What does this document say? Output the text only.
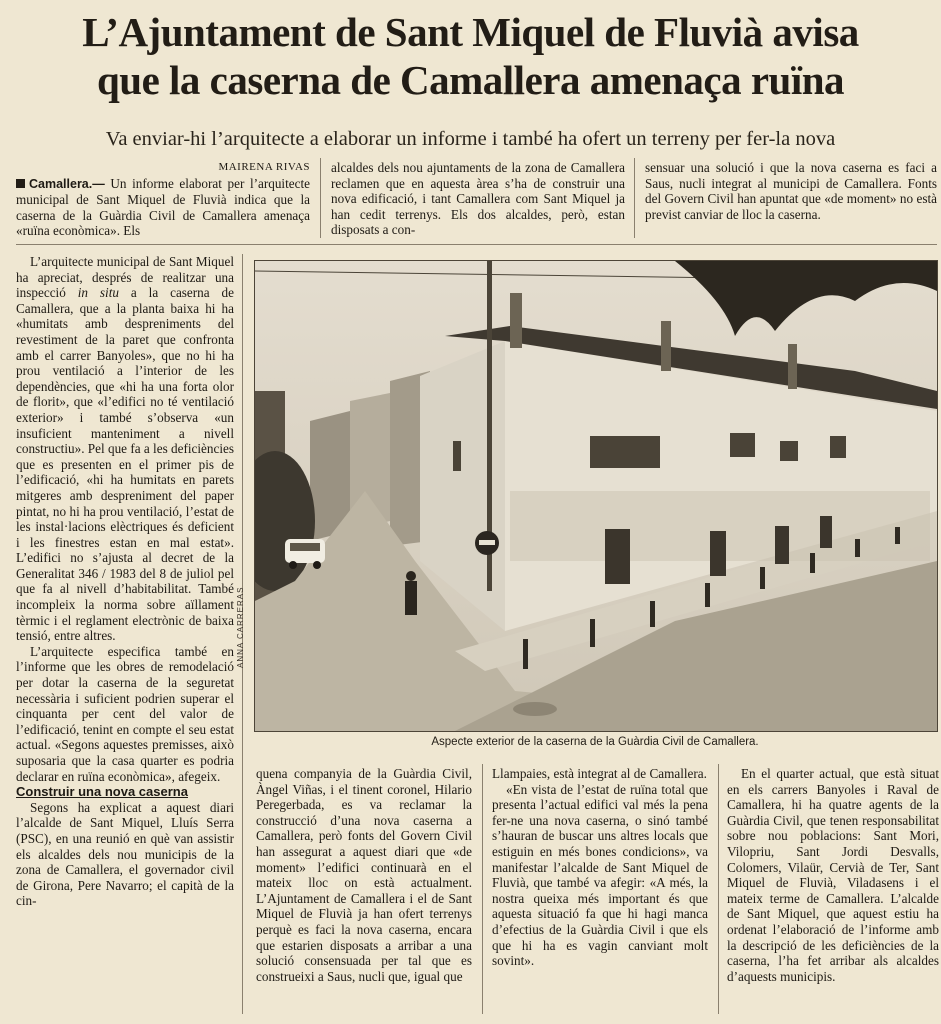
L’Ajuntament de Sant Miquel de Fluvià avisa
que la caserna de Camallera amenaça ruïna
Va enviar-hi l’arquitecte a elaborar un informe i també ha ofert un terreny per fer-la nova

MAIRENA RIVAS

Camallera.— Un informe elaborat per l’arquitecte municipal de Sant Miquel de Fluvià indica que la caserna de la Guàrdia Civil de Camallera amenaça «ruïna econòmica». Els

alcaldes dels nou ajuntaments de la zona de Camallera reclamen que en aquesta àrea s’ha de construir una nova edificació, i tant Camallera com Sant Miquel ja han cedit terrenys. Els dos alcaldes, però, estan disposats a con-

sensuar una solució i que la nova caserna es faci a Saus, nucli integrat al municipi de Camallera. Fonts del Govern Civil han apuntat que «de moment» no està previst canviar de lloc la caserna.

L’arquitecte municipal de Sant Miquel ha apreciat, després de realitzar una inspecció in situ a la caserna de Camallera, que a la planta baixa hi ha «humitats amb despreniments del revestiment de la paret que confronta amb el carrer Banyoles», que no hi ha prou ventilació a l’interior de les dependències, que «hi ha una forta olor de florit», que «l’edifici no té ventilació exterior» i també s’observa «un insuficient manteniment a nivell constructiu». Pel que fa a les deficiències que es presenten en el primer pis de l’edificació, «hi ha humitats en parets mitgeres amb despreniment del paper pintat, no hi ha prou ventilació, l’estat de les instal·lacions elèctriques és deficient i les finestres estan en mal estat». L’edifici no s’ajusta al decret de la Generalitat 346 / 1983 del 8 de juliol pel que fa al nivell d’habitabilitat. També incompleix la norma sobre aïllament tèrmic i el reglament electrònic de baixa tensió, entre altres.

L’arquitecte especifica també en l’informe que les obres de remodelació per dotar la caserna de la seguretat necessària i suficient podrien superar el cinquanta per cent del valor de l’edificació, tenint en compte el seu estat actual. «Segons aquestes premisses, això suposaria que la casa quarter es podria declarar en ruïna econòmica», afegeix.

Construir una nova caserna

Segons ha explicat a aquest diari l’alcalde de Sant Miquel, Lluís Serra (PSC), en una reunió en què van assistir els alcaldes dels nou municipis de la zona de Camallera, el governador civil de Girona, Pere Navarro; el capità de la cin-

ANNA CARRERAS
Aspecte exterior de la caserna de la Guàrdia Civil de Camallera.

quena companyia de la Guàrdia Civil, Àngel Viñas, i el tinent coronel, Hilario Peregerbada, es va reclamar la construcció d’una nova caserna a Camallera, però fonts del Govern Civil han assegurat a aquest diari que «de moment» l’edifici continuarà en el mateix lloc on està actualment. L’Ajuntament de Camallera i el de Sant Miquel de Fluvià ja han ofert terrenys perquè es faci la nova caserna, encara que estarien disposats a arribar a una solució consensuada per tal que es construeixi a Saus, nucli que, igual que

Llampaies, està integrat al de Camallera.

«En vista de l’estat de ruïna total que presenta l’actual edifici val més la pena fer-ne una nova caserna, o sinó també s’hauran de buscar uns altres locals que estiguin en més bones condicions», va manifestar l’alcalde de Sant Miquel de Fluvià, que també va afegir: «A més, la nostra queixa més important és que aquesta situació fa que hi hagi manca d’efectius de la Guàrdia Civil i que els que hi ha es vagin canviant molt sovint».

En el quarter actual, que està situat en els carrers Banyoles i Raval de Camallera, hi ha quatre agents de la Guàrdia Civil, que tenen responsabilitat sobre nou poblacions: Sant Mori, Vilopriu, Sant Jordi Desvalls, Colomers, Vilaür, Cervià de Ter, Sant Miquel de Fluvià, Viladasens i el mateix terme de Camallera. L’alcalde de Sant Miquel, que aquest estiu ha ordenat l’elaboració de l’informe amb la descripció de les deficiències de la caserna, l’ha fet arribar als alcaldes d’aquests municipis.
